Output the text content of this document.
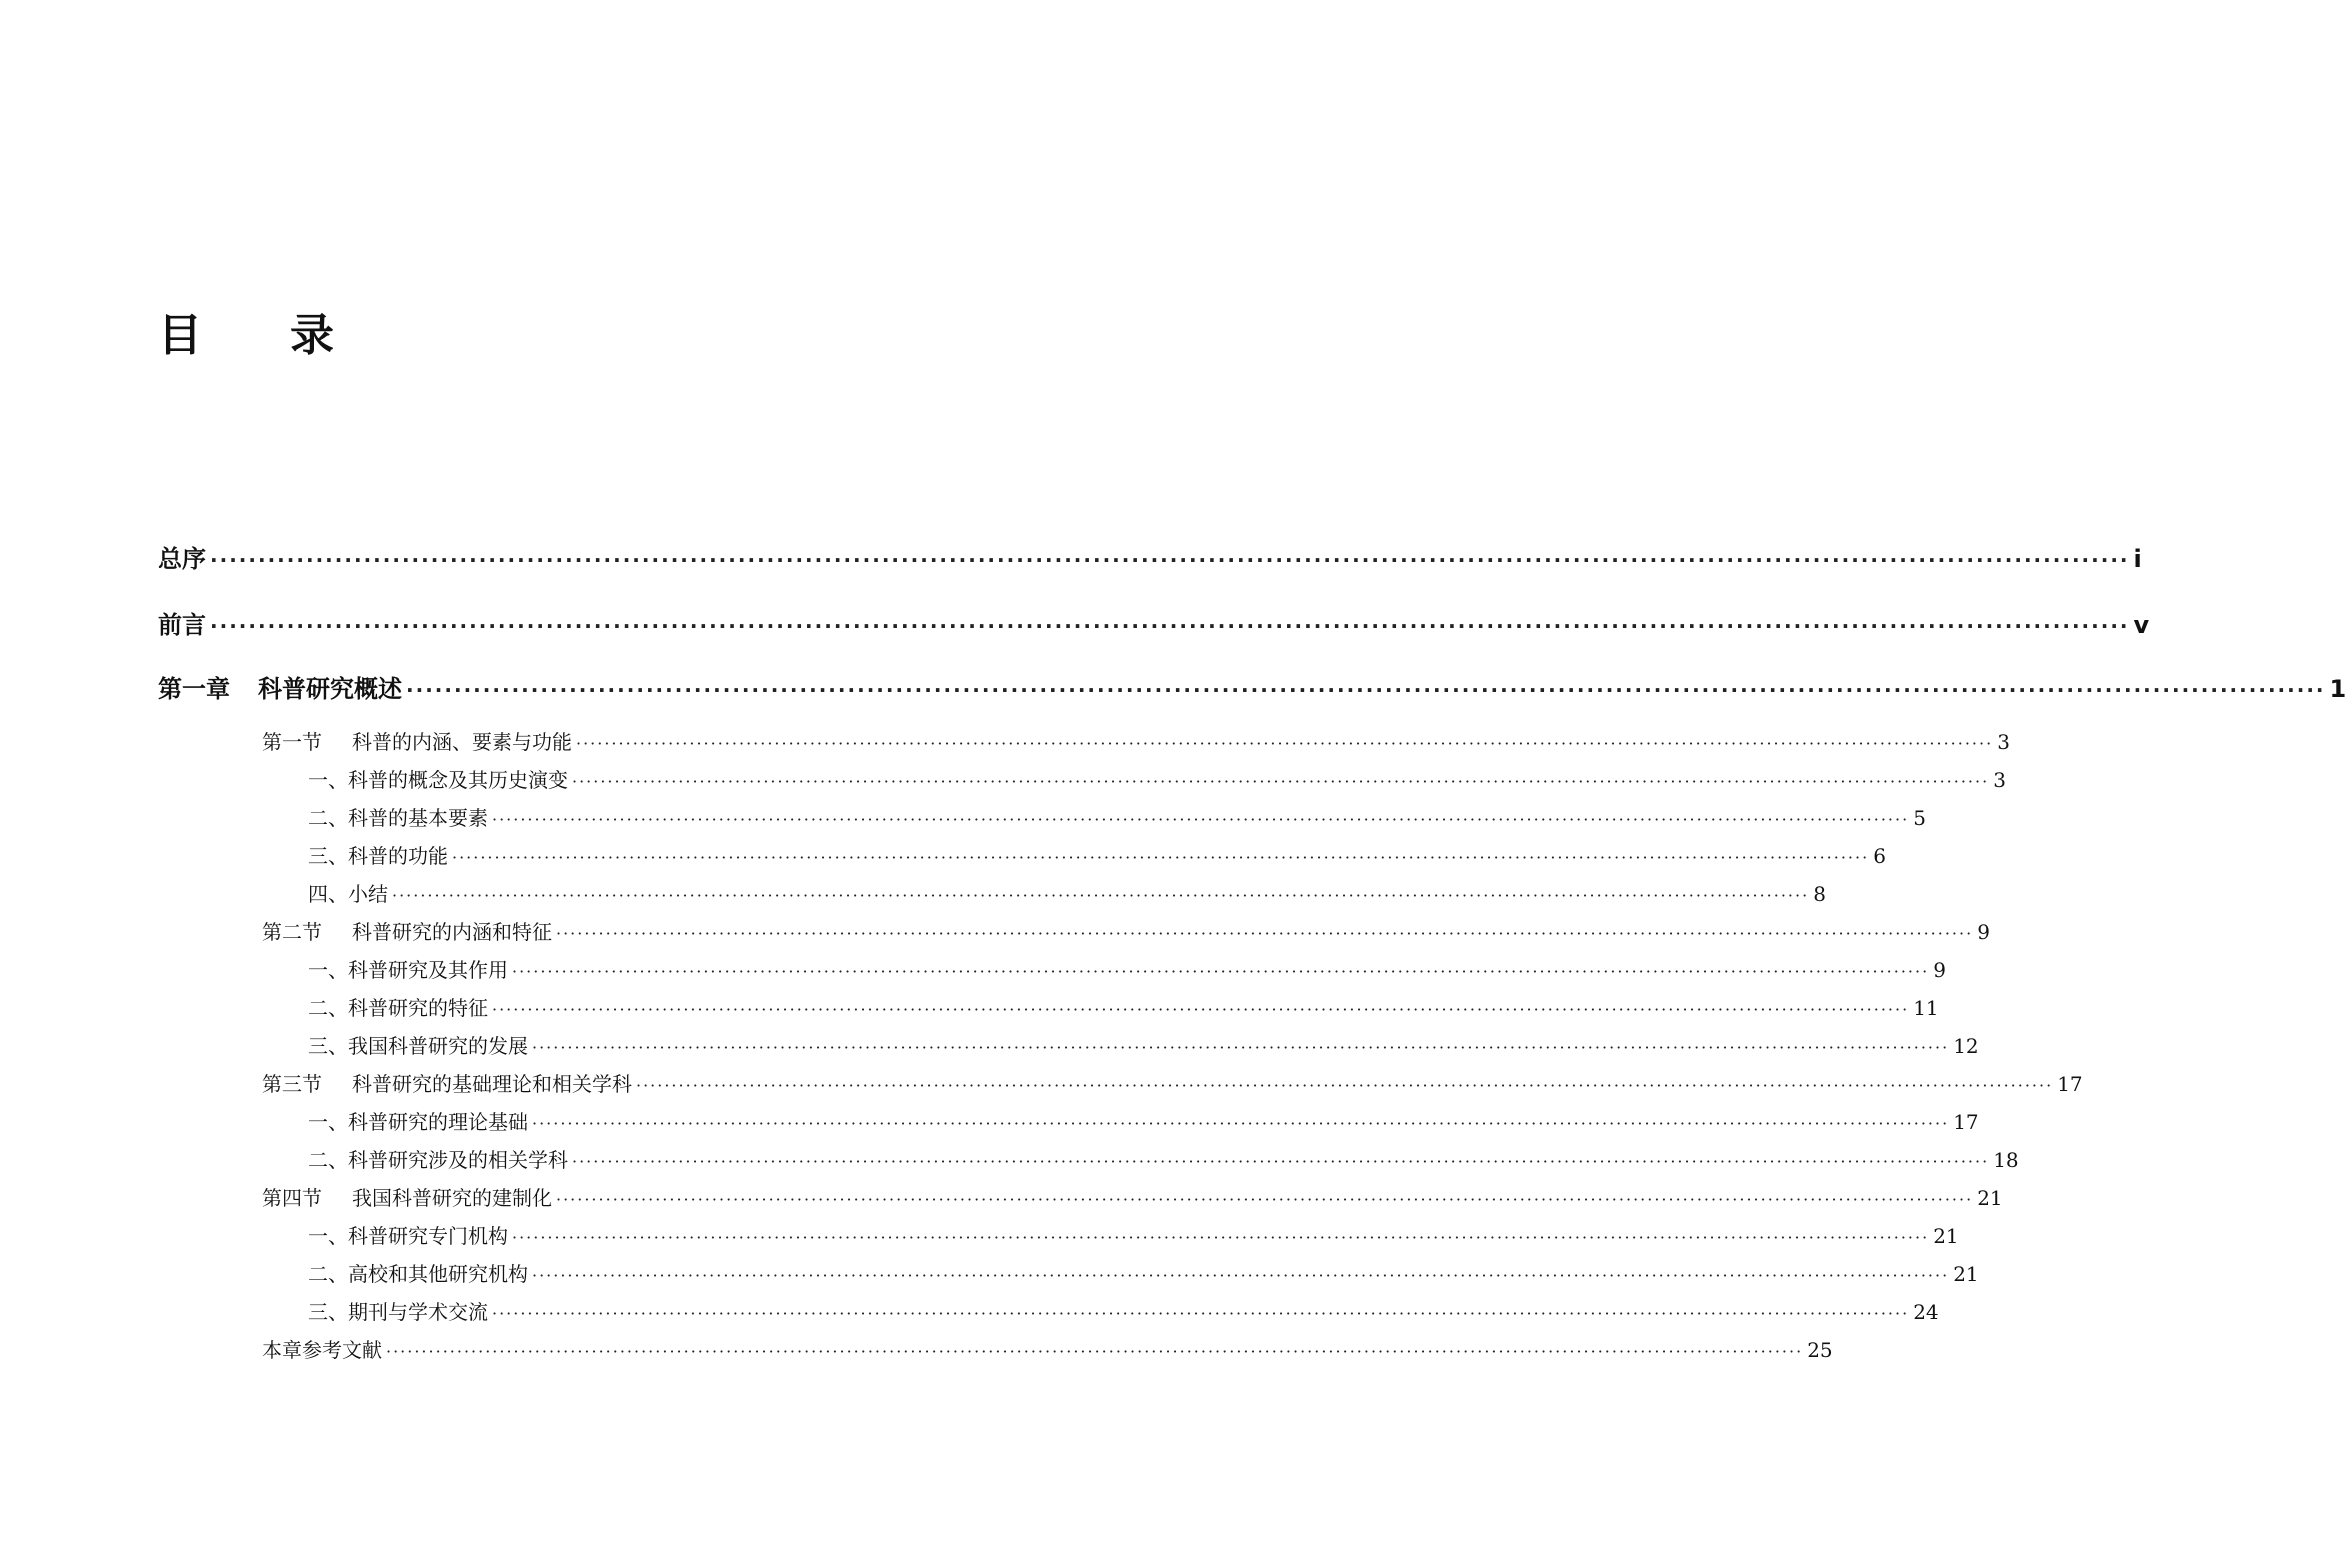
目 录
总序 ········································································································································································································ i
前言 ········································································································································································································ v
第一章 科普研究概述 ········································································································································································································ 1
第一节 科普的内涵、要素与功能 ········································································································································································································ 3
一、科普的概念及其历史演变 ········································································································································································································ 3
二、科普的基本要素 ········································································································································································································ 5
三、科普的功能 ········································································································································································································ 6
四、小结 ········································································································································································································ 8
第二节 科普研究的内涵和特征 ········································································································································································································ 9
一、科普研究及其作用 ········································································································································································································ 9
二、科普研究的特征 ········································································································································································································ 11
三、我国科普研究的发展 ········································································································································································································ 12
第三节 科普研究的基础理论和相关学科 ········································································································································································································ 17
一、科普研究的理论基础 ········································································································································································································ 17
二、科普研究涉及的相关学科 ········································································································································································································ 18
第四节 我国科普研究的建制化 ········································································································································································································ 21
一、科普研究专门机构 ········································································································································································································ 21
二、高校和其他研究机构 ········································································································································································································ 21
三、期刊与学术交流 ········································································································································································································ 24
本章参考文献 ········································································································································································································ 25
